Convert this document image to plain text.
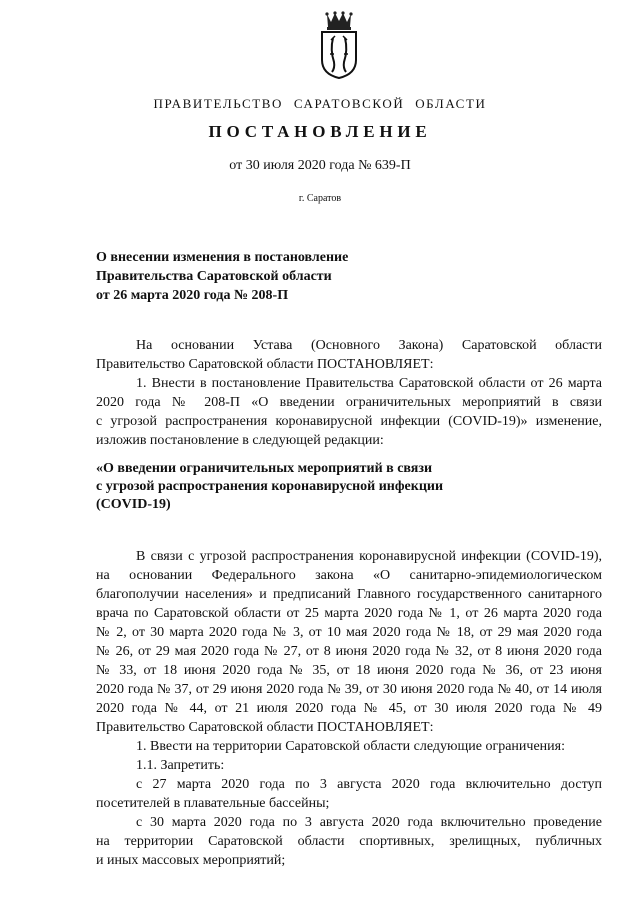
ПРАВИТЕЛЬСТВО САРАТОВСКОЙ ОБЛАСТИ
ПОСТАНОВЛЕНИЕ
от 30 июля 2020 года № 639-П
г. Саратов
О внесении изменения в постановление
Правительства Саратовской области
от 26 марта 2020 года № 208-П

На основании Устава (Основного Закона) Саратовской области

Правительство Саратовской области ПОСТАНОВЛЯЕТ:

1. Внести в постановление Правительства Саратовской области от 26 марта

2020 года № 208-П «О введении ограничительных мероприятий в связи

с угрозой распространения коронавирусной инфекции (COVID-19)» изменение,

изложив постановление в следующей редакции:

«О введении ограничительных мероприятий в связи
с угрозой распространения коронавирусной инфекции
(COVID-19)

В связи с угрозой распространения коронавирусной инфекции (COVID-19),

на основании Федерального закона «О санитарно-эпидемиологическом

благополучии населения» и предписаний Главного государственного санитарного

врача по Саратовской области от 25 марта 2020 года № 1, от 26 марта 2020 года

№ 2, от 30 марта 2020 года № 3, от 10 мая 2020 года № 18, от 29 мая 2020 года

№ 26, от 29 мая 2020 года № 27, от 8 июня 2020 года № 32, от 8 июня 2020 года

№ 33, от 18 июня 2020 года № 35, от 18 июня 2020 года № 36, от 23 июня

2020 года № 37, от 29 июня 2020 года № 39, от 30 июня 2020 года № 40, от 14 июля

2020 года № 44, от 21 июля 2020 года № 45, от 30 июля 2020 года № 49

Правительство Саратовской области ПОСТАНОВЛЯЕТ:

1. Ввести на территории Саратовской области следующие ограничения:

1.1. Запретить:

с 27 марта 2020 года по 3 августа 2020 года включительно доступ

посетителей в плавательные бассейны;

с 30 марта 2020 года по 3 августа 2020 года включительно проведение

на территории Саратовской области спортивных, зрелищных, публичных

и иных массовых мероприятий;
